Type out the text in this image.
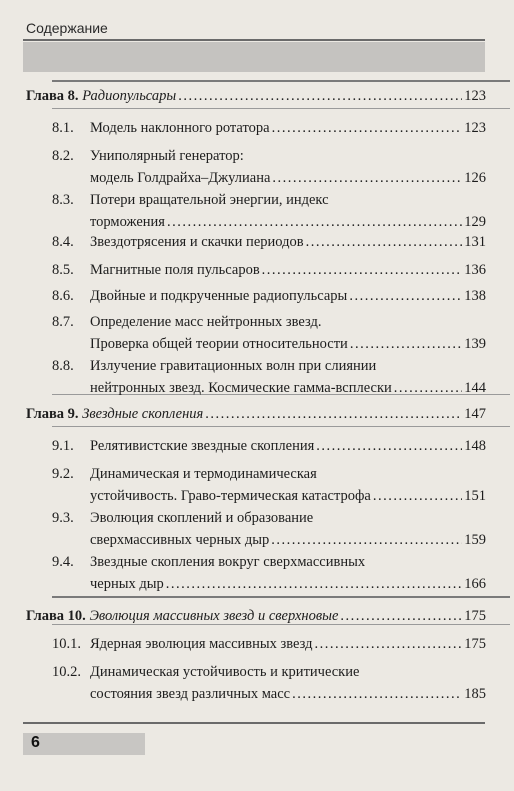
Содержание
Глава 8. Радиопульсары .....	123
8.1. Модель наклонного ротатора .....	123
8.2. Униполярный генератор:
модель Голдрайха–Джулиана .....	126
8.3. Потери вращательной энергии, индекс
торможения .....	129
8.4. Звездотрясения и скачки периодов .....	131
8.5. Магнитные поля пульсаров .....	136
8.6. Двойные и подкрученные радиопульсары .....	138
8.7. Определение масс нейтронных звезд.
Проверка общей теории относительности .....	139
8.8. Излучение гравитационных волн при слиянии
нейтронных звезд. Космические гамма-всплески .....	144
Глава 9. Звездные скопления .....	147
9.1. Релятивистские звездные скопления .....	148
9.2. Динамическая и термодинамическая
устойчивость. Граво-термическая катастрофа .....	151
9.3. Эволюция скоплений и образование
сверхмассивных черных дыр .....	159
9.4. Звездные скопления вокруг сверхмассивных
черных дыр .....	166
Глава 10. Эволюция массивных звезд и сверхновые .....	175
10.1. Ядерная эволюция массивных звезд .....	175
10.2. Динамическая устойчивость и критические
состояния звезд различных масс .....	185
6
